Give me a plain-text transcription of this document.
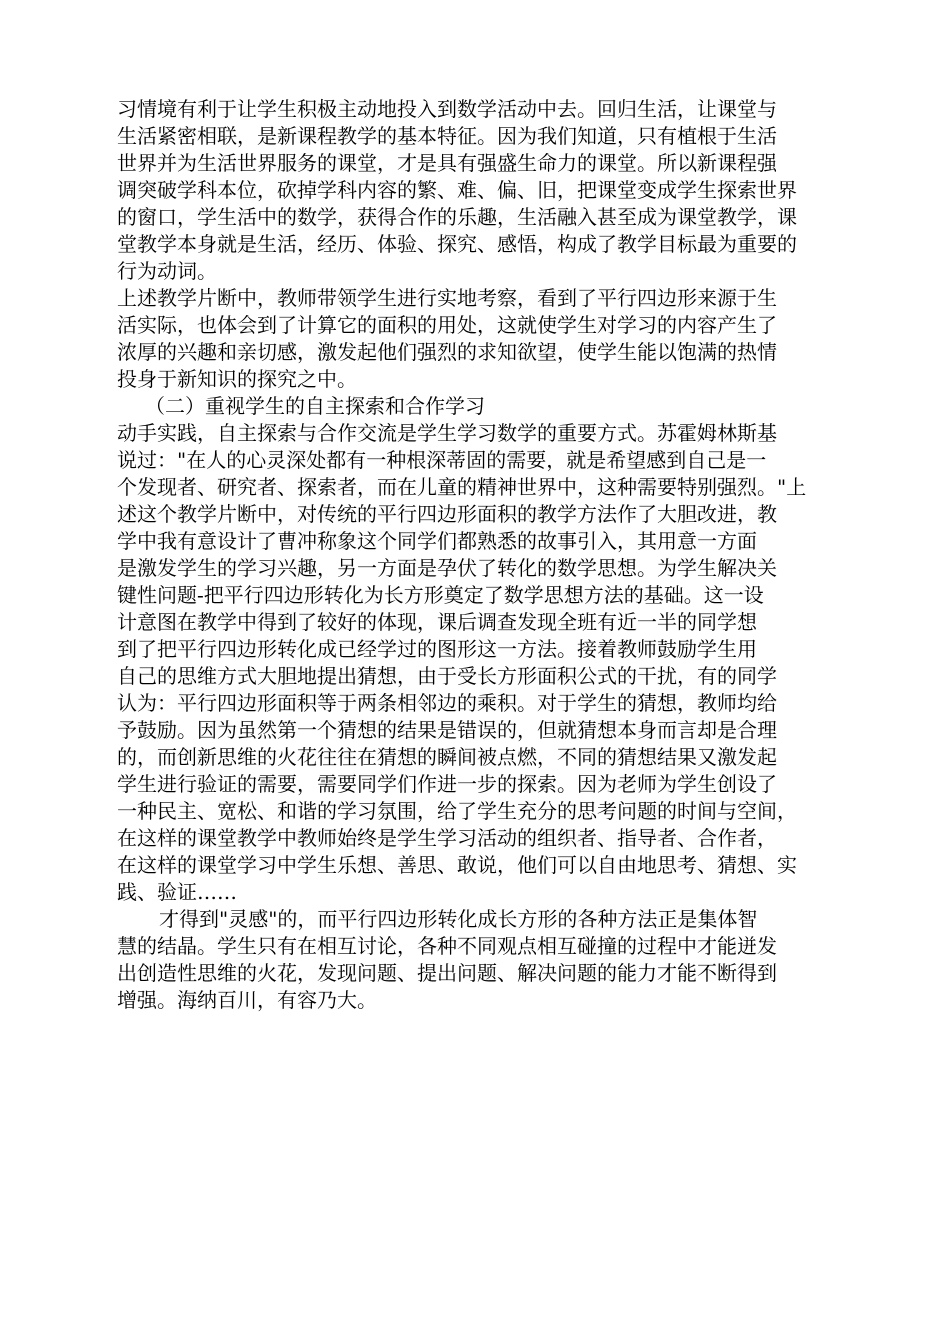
习情境有利于让学生积极主动地投入到数学活动中去。回归生活，让课堂与
生活紧密相联，是新课程教学的基本特征。因为我们知道，只有植根于生活
世界并为生活世界服务的课堂，才是具有强盛生命力的课堂。所以新课程强
调突破学科本位，砍掉学科内容的繁、难、偏、旧，把课堂变成学生探索世界
的窗口，学生活中的数学，获得合作的乐趣，生活融入甚至成为课堂教学，课
堂教学本身就是生活，经历、体验、探究、感悟，构成了教学目标最为重要的
行为动词。
上述教学片断中，教师带领学生进行实地考察，看到了平行四边形来源于生
活实际，也体会到了计算它的面积的用处，这就使学生对学习的内容产生了
浓厚的兴趣和亲切感，激发起他们强烈的求知欲望，使学生能以饱满的热情
投身于新知识的探究之中。
（二）重视学生的自主探索和合作学习
动手实践，自主探索与合作交流是学生学习数学的重要方式。苏霍姆林斯基
说过："在人的心灵深处都有一种根深蒂固的需要，就是希望感到自己是一
个发现者、研究者、探索者，而在儿童的精神世界中，这种需要特别强烈。"上
述这个教学片断中，对传统的平行四边形面积的教学方法作了大胆改进，教
学中我有意设计了曹冲称象这个同学们都熟悉的故事引入，其用意一方面
是激发学生的学习兴趣，另一方面是孕伏了转化的数学思想。为学生解决关
键性问题-把平行四边形转化为长方形奠定了数学思想方法的基础。这一设
计意图在教学中得到了较好的体现，课后调查发现全班有近一半的同学想
到了把平行四边形转化成已经学过的图形这一方法。接着教师鼓励学生用
自己的思维方式大胆地提出猜想，由于受长方形面积公式的干扰，有的同学
认为：平行四边形面积等于两条相邻边的乘积。对于学生的猜想，教师均给
予鼓励。因为虽然第一个猜想的结果是错误的，但就猜想本身而言却是合理
的，而创新思维的火花往往在猜想的瞬间被点燃，不同的猜想结果又激发起
学生进行验证的需要，需要同学们作进一步的探索。因为老师为学生创设了
一种民主、宽松、和谐的学习氛围，给了学生充分的思考问题的时间与空间，
在这样的课堂教学中教师始终是学生学习活动的组织者、指导者、合作者，
在这样的课堂学习中学生乐想、善思、敢说，他们可以自由地思考、猜想、实
践、验证……
才得到"灵感"的，而平行四边形转化成长方形的各种方法正是集体智
慧的结晶。学生只有在相互讨论，各种不同观点相互碰撞的过程中才能迸发
出创造性思维的火花，发现问题、提出问题、解决问题的能力才能不断得到
增强。海纳百川，有容乃大。
